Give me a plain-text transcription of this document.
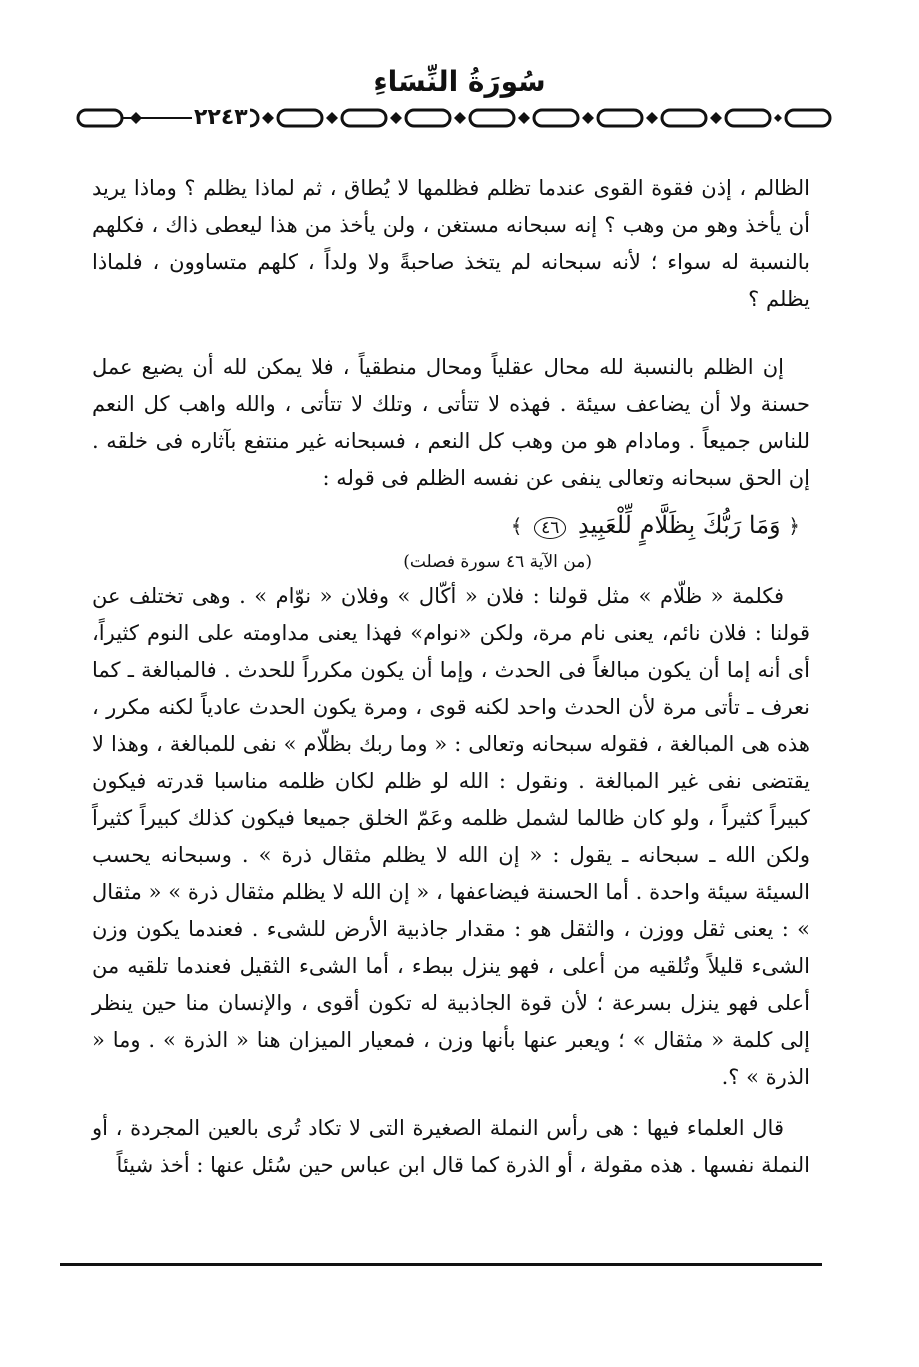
سُورَةُ النِّسَاءِ
٢٢٤٣

الظالم ، إذن فقوة القوى عندما تظلم فظلمها لا يُطاق ، ثم لماذا يظلم ؟ وماذا يريد أن يأخذ وهو من وهب ؟ إنه سبحانه مستغن ، ولن يأخذ من هذا ليعطى ذاك ، فكلهم بالنسبة له سواء ؛ لأنه سبحانه لم يتخذ صاحبةً ولا ولداً ، كلهم متساوون ، فلماذا يظلم ؟

إن الظلم بالنسبة لله محال عقلياً ومحال منطقياً ، فلا يمكن لله أن يضيع عمل حسنة ولا أن يضاعف سيئة . فهذه لا تتأتى ، وتلك لا تتأتى ، والله واهب كل النعم للناس جميعاً . ومادام هو من وهب كل النعم ، فسبحانه غير منتفع بآثاره فى خلقه . إن الحق سبحانه وتعالى ينفى عن نفسه الظلم فى قوله :

﴿ وَمَا رَبُّكَ بِظَلَّامٍ لِّلْعَبِيدِ ٤٦ ﴾
(من الآية ٤٦ سورة فصلت)

فكلمة « ظلّام » مثل قولنا : فلان « أكّال » وفلان « نوّام » . وهى تختلف عن قولنا : فلان نائم، يعنى نام مرة، ولكن «نوام» فهذا يعنى مداومته على النوم كثيراً، أى أنه إما أن يكون مبالغاً فى الحدث ، وإما أن يكون مكرراً للحدث . فالمبالغة ـ كما نعرف ـ تأتى مرة لأن الحدث واحد لكنه قوى ، ومرة يكون الحدث عادياً لكنه مكرر ، هذه هى المبالغة ، فقوله سبحانه وتعالى : « وما ربك بظلّام » نفى للمبالغة ، وهذا لا يقتضى نفى غير المبالغة . ونقول : الله لو ظلم لكان ظلمه مناسبا قدرته فيكون كبيراً كثيراً ، ولو كان ظالما لشمل ظلمه وعَمّ الخلق جميعا فيكون كذلك كبيراً كثيراً ولكن الله ـ سبحانه ـ يقول : « إن الله لا يظلم مثقال ذرة » . وسبحانه يحسب السيئة سيئة واحدة . أما الحسنة فيضاعفها ، « إن الله لا يظلم مثقال ذرة » « مثقال » : يعنى ثقل ووزن ، والثقل هو : مقدار جاذبية الأرض للشىء . فعندما يكون وزن الشىء قليلاً وتُلقيه من أعلى ، فهو ينزل ببطء ، أما الشىء الثقيل فعندما تلقيه من أعلى فهو ينزل بسرعة ؛ لأن قوة الجاذبية له تكون أقوى ، والإنسان منا حين ينظر إلى كلمة « مثقال » ؛ ويعبر عنها بأنها وزن ، فمعيار الميزان هنا « الذرة » . وما « الذرة » ؟.

قال العلماء فيها : هى رأس النملة الصغيرة التى لا تكاد تُرى بالعين المجردة ، أو النملة نفسها . هذه مقولة ، أو الذرة كما قال ابن عباس حين سُئل عنها : أخذ شيئاً
